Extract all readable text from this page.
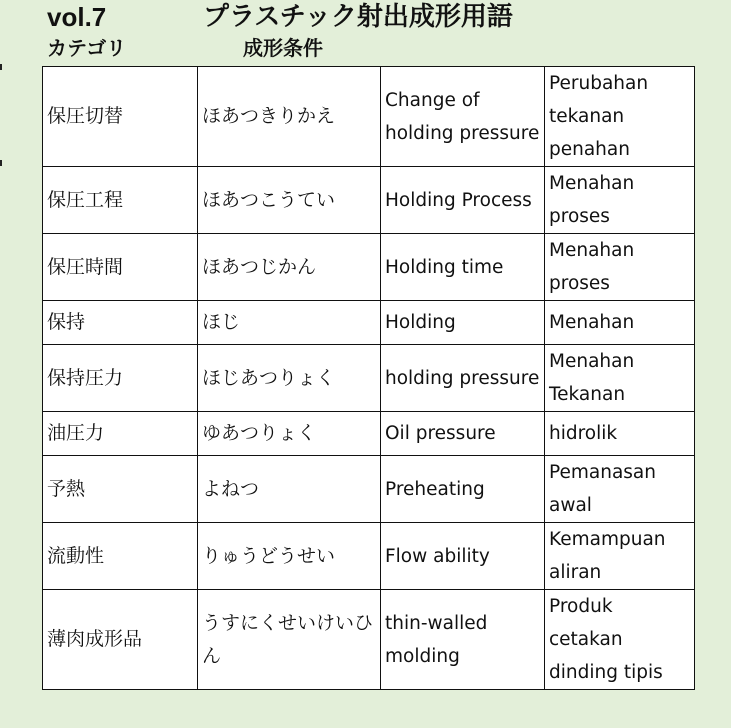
vol.7	プラスチック射出成形用語
カテゴリ	成形条件
保圧切替	ほあつきりかえ	Change of holding pressure	Perubahan tekanan penahan
保圧工程	ほあつこうてい	Holding Process	Menahan proses
保圧時間	ほあつじかん	Holding time	Menahan proses
保持	ほじ	Holding	Menahan
保持圧力	ほじあつりょく	holding pressure	Menahan Tekanan
油圧力	ゆあつりょく	Oil pressure	hidrolik
予熱	よねつ	Preheating	Pemanasan awal
流動性	りゅうどうせい	Flow ability	Kemampuan aliran
薄肉成形品	うすにくせいけいひん	thin-walled molding	Produk cetakan dinding tipis
